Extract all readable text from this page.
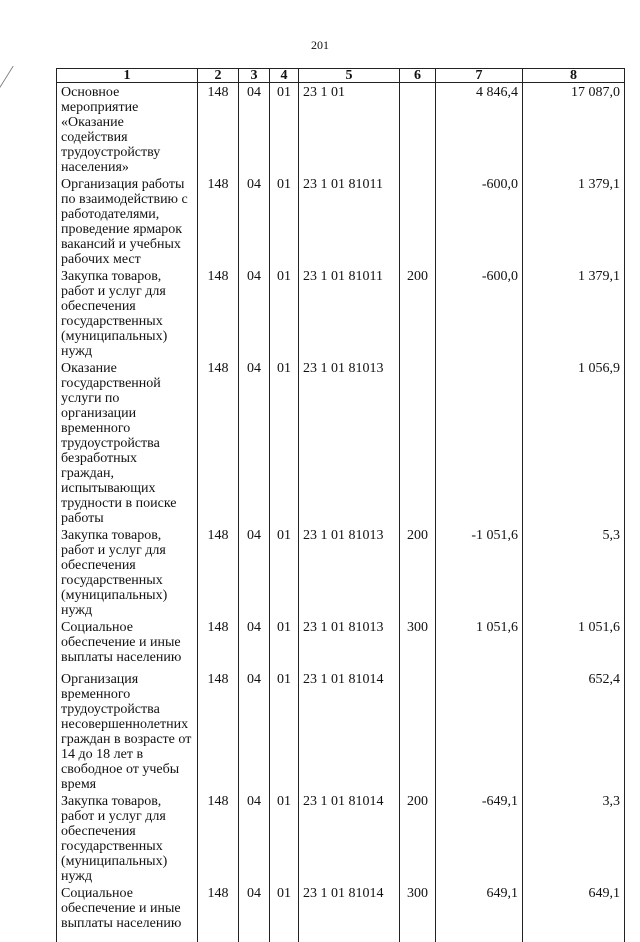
201
1	2	3	4	5	6	7	8
Основное мероприятие «Оказание содействия трудоустройству населения»	148	04	01	23 1 01		4 846,4	17 087,0
Организация работы по взаимодействию с работодателями, проведение ярмарок вакансий и учебных рабочих мест	148	04	01	23 1 01 81011		-600,0	1 379,1
Закупка товаров, работ и услуг для обеспечения государственных (муниципальных) нужд	148	04	01	23 1 01 81011	200	-600,0	1 379,1
Оказание государственной услуги по организации временного трудоустройства безработных граждан, испытывающих трудности в поиске работы	148	04	01	23 1 01 81013			1 056,9
Закупка товаров, работ и услуг для обеспечения государственных (муниципальных) нужд	148	04	01	23 1 01 81013	200	-1 051,6	5,3
Социальное обеспечение и иные выплаты населению	148	04	01	23 1 01 81013	300	1 051,6	1 051,6
Организация временного трудоустройства несовершеннолетних граждан в возрасте от 14 до 18 лет в свободное от учебы время	148	04	01	23 1 01 81014			652,4
Закупка товаров, работ и услуг для обеспечения государственных (муниципальных) нужд	148	04	01	23 1 01 81014	200	-649,1	3,3
Социальное обеспечение и иные выплаты населению	148	04	01	23 1 01 81014	300	649,1	649,1
